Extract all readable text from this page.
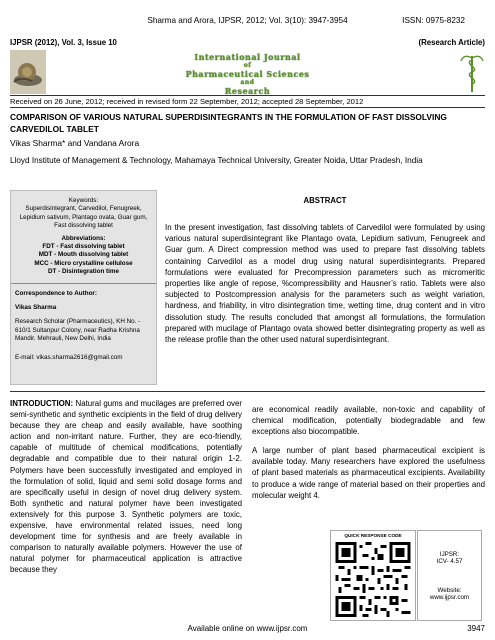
Sharma and Arora, IJPSR, 2012; Vol. 3(10): 3947-3954	ISSN: 0975-8232
IJPSR (2012), Vol. 3, Issue 10	(Research Article)
International Journal
of
Pharmaceutical Sciences
and
Research
Received on 26 June, 2012; received in revised form 22 September, 2012; accepted 28 September, 2012
COMPARISON OF VARIOUS NATURAL SUPERDISINTEGRANTS IN THE FORMULATION OF FAST DISSOLVING CARVEDILOL TABLET
Vikas Sharma* and Vandana Arora
Lloyd Institute of Management & Technology, Mahamaya Technical University, Greater Noida, Uttar Pradesh, India
Keywords:
Superdisintegrant, Carvedilol, Fenugreek, Lepidium sativum, Plantago ovata, Guar gum, Fast dissolving tablet
Abbreviations:
FDT - Fast dissolving tablet
MDT - Mouth dissolving tablet
MCC - Micro crystalline cellulose
DT - Disintegration time
Correspondence to Author:
Vikas Sharma
Research Scholar (Pharmaceutics), KH No. - 610/1 Sultanpur Colony, near Radha Krishna Mandir. Mehrauli, New Delhi, India
E-mail: vikas.sharma2616@gmail.com
ABSTRACT
In the present investigation, fast dissolving tablets of Carvedilol were formulated by using various natural superdisintegrant like Plantago ovata, Lepidium sativum, Fenugreek and Guar gum. A Direct compression method was used to prepare fast dissolving tablets containing Carvedilol as a model drug using natural superdisintegrants. Prepared formulations were evaluated for Precompression parameters such as micromeritic properties like angle of repose, %compressibility and Hausner’s ratio. Tablets were also subjected to Postcompression analysis for the parameters such as weight variation, hardness, and friability, in vitro disintegration time, wetting time, drug content and in vitro dissolution study. The results concluded that amongst all formulations, the formulation prepared with mucilage of Plantago ovata showed better disintegrating property as well as the release profile than the other used natural superdisintegrant.
INTRODUCTION: Natural gums and mucilages are preferred over semi-synthetic and synthetic excipients in the field of drug delivery because they are cheap and easily available, have soothing action and non-irritant nature. Further, they are eco-friendly, capable of multitude of chemical modifications, potentially degradable and compatible due to their natural origin 1-2. Polymers have been successfully investigated and employed in the formulation of solid, liquid and semi solid dosage forms and are specifically useful in design of novel drug delivery system. Both synthetic and natural polymer have been investigated extensively for this purpose 3. Synthetic polymers are toxic, expensive, have environmental related issues, need long development time for synthesis and are freely available in comparison to naturally available polymers. However the use of natural polymer for pharmaceutical application is attractive because they

are economical readily available, non-toxic and capability of chemical modification, potentially biodegradable and few exceptions also biocompatible.

A large number of plant based pharmaceutical excipient is available today. Many researchers have explored the usefulness of plant based materials as pharmaceutical excipients. Availability to produce a wide range of material based on their properties and molecular weight 4.

QUICK RESPONSE CODE
IJPSR:
ICV- 4.57
Website:
www.ijpsr.com
Available online on www.ijpsr.com	3947
